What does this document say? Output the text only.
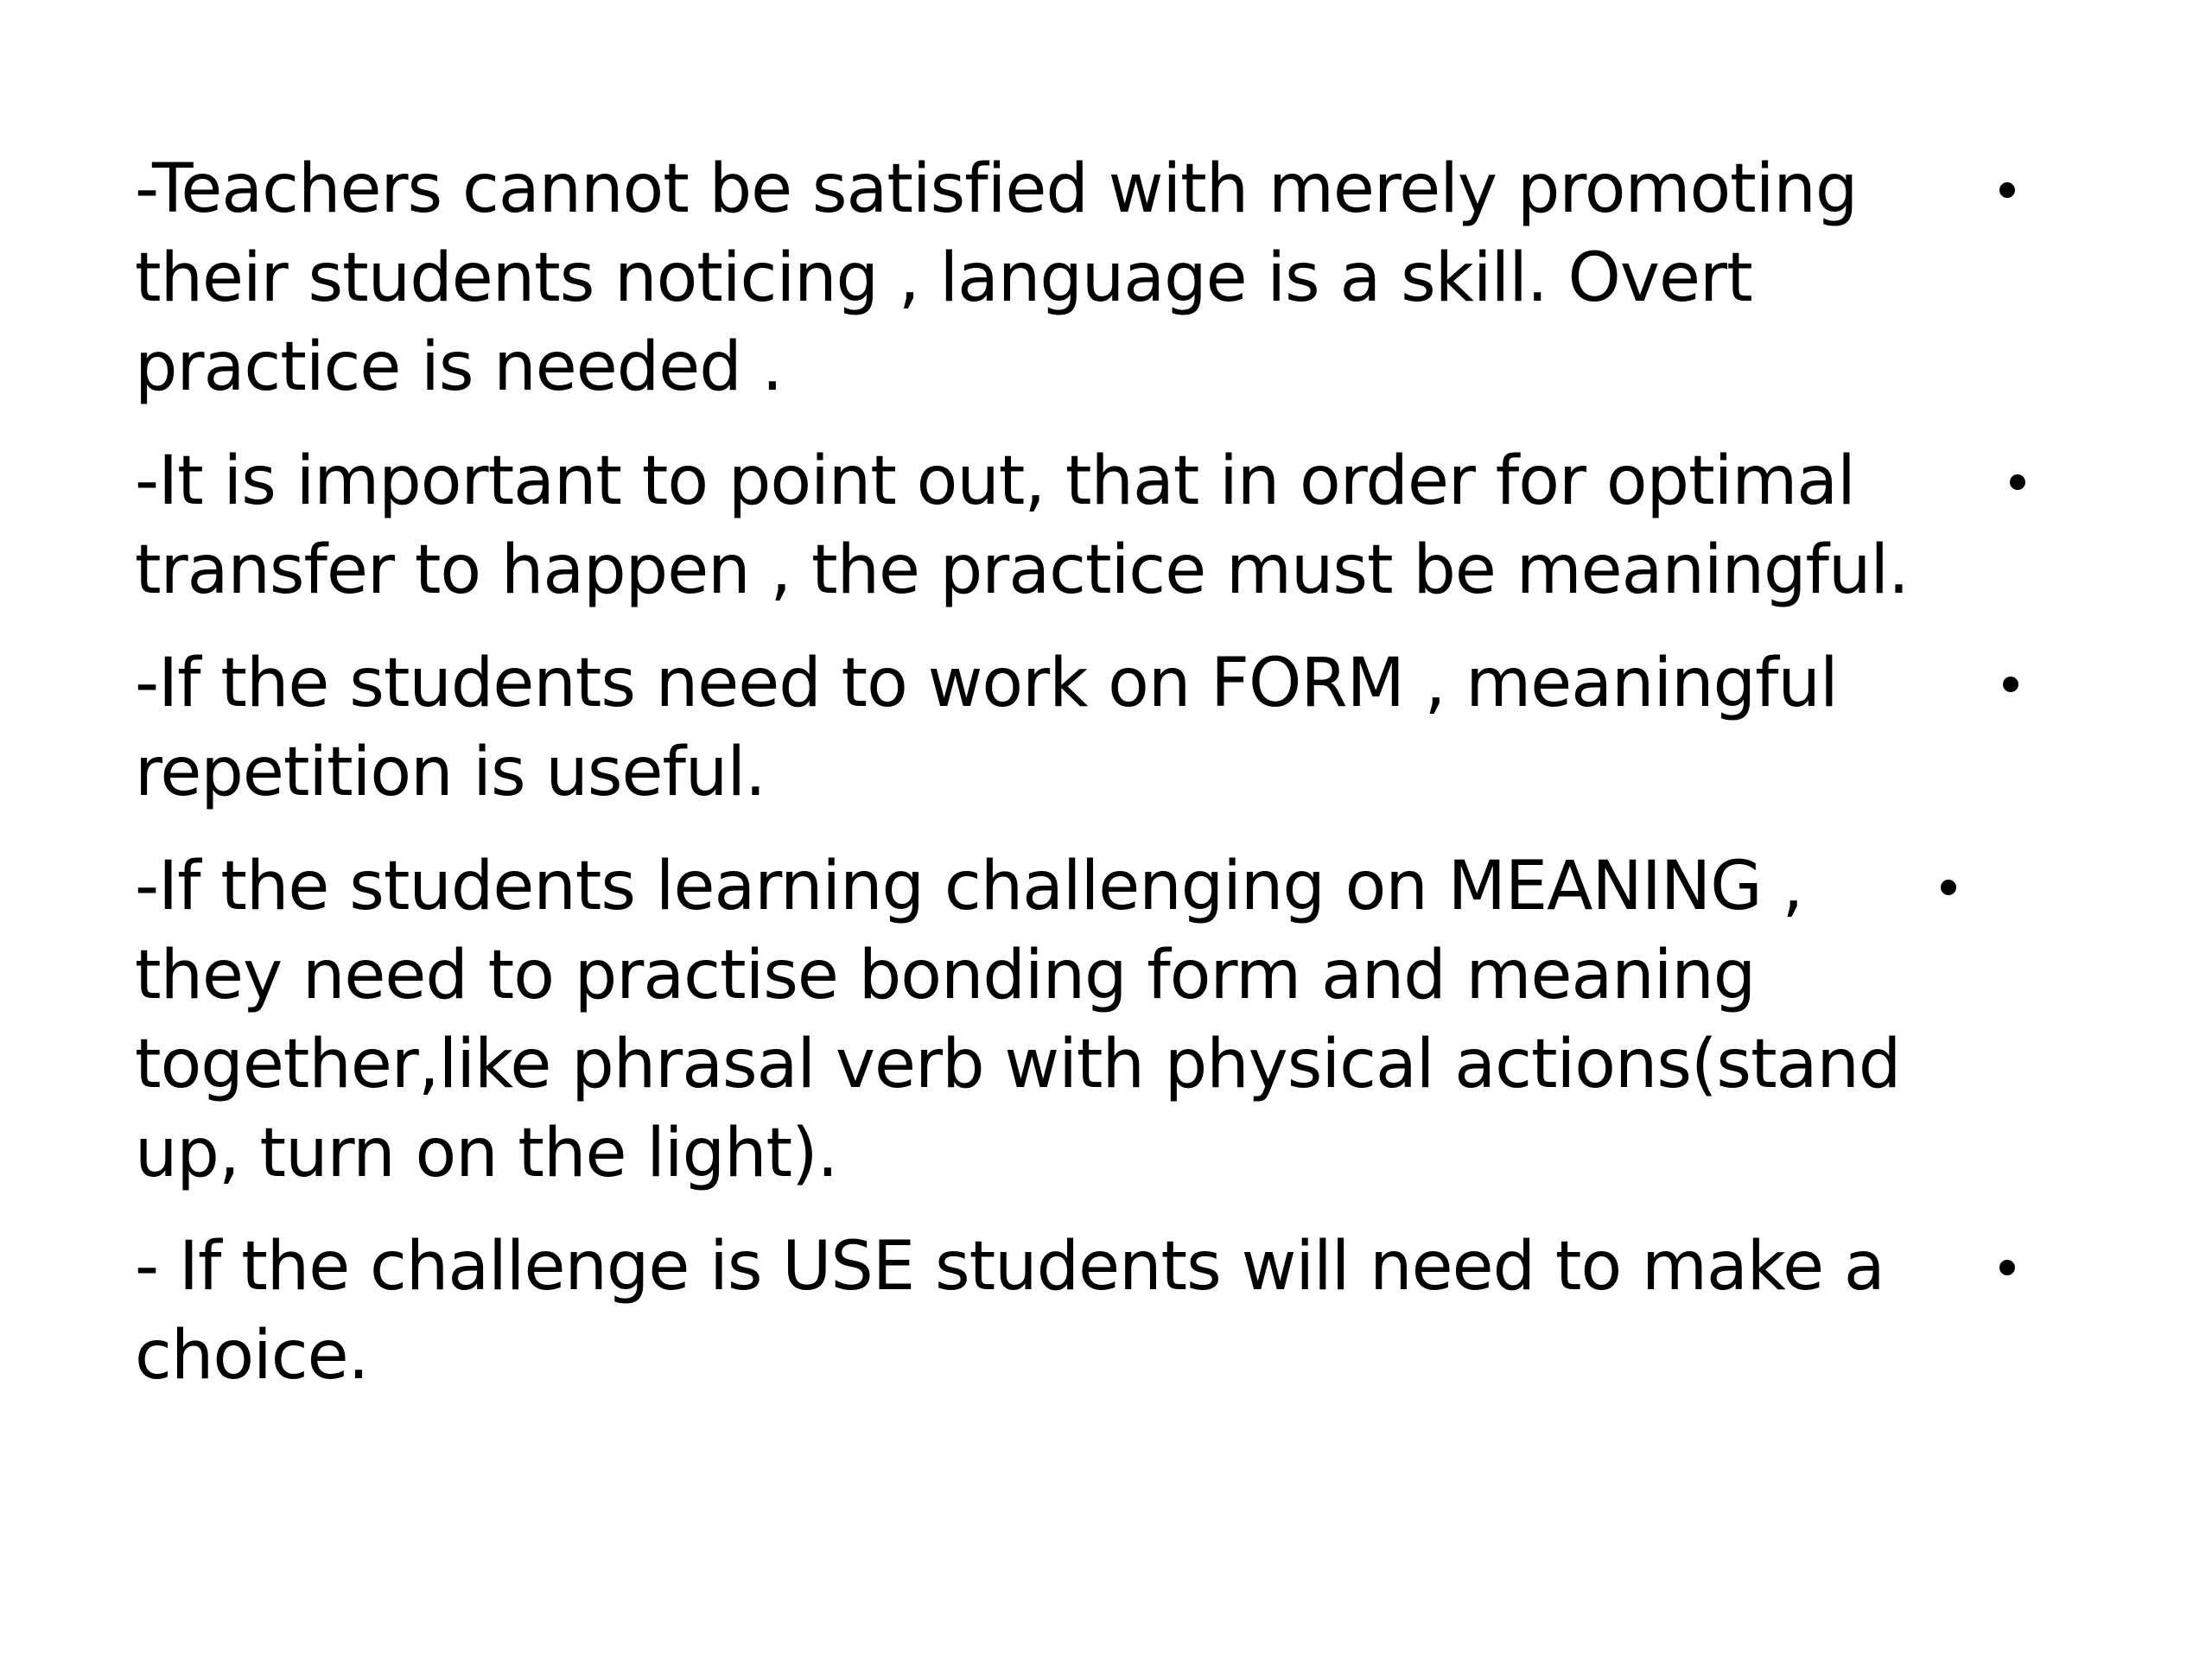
-Teachers cannot be satisfied with merely promoting
their students noticing , language is a skill. Overt
practice is needed .
-It is important to point out, that in order for optimal
transfer to happen , the practice must be meaningful.
-If the students need to work on FORM , meaningful
repetition is useful.
-If the students learning challenging on MEANING ,
they need to practise bonding form and meaning
together,like phrasal verb with physical actions(stand
up, turn on the light).
- If the challenge is USE students will need to make a
choice.
